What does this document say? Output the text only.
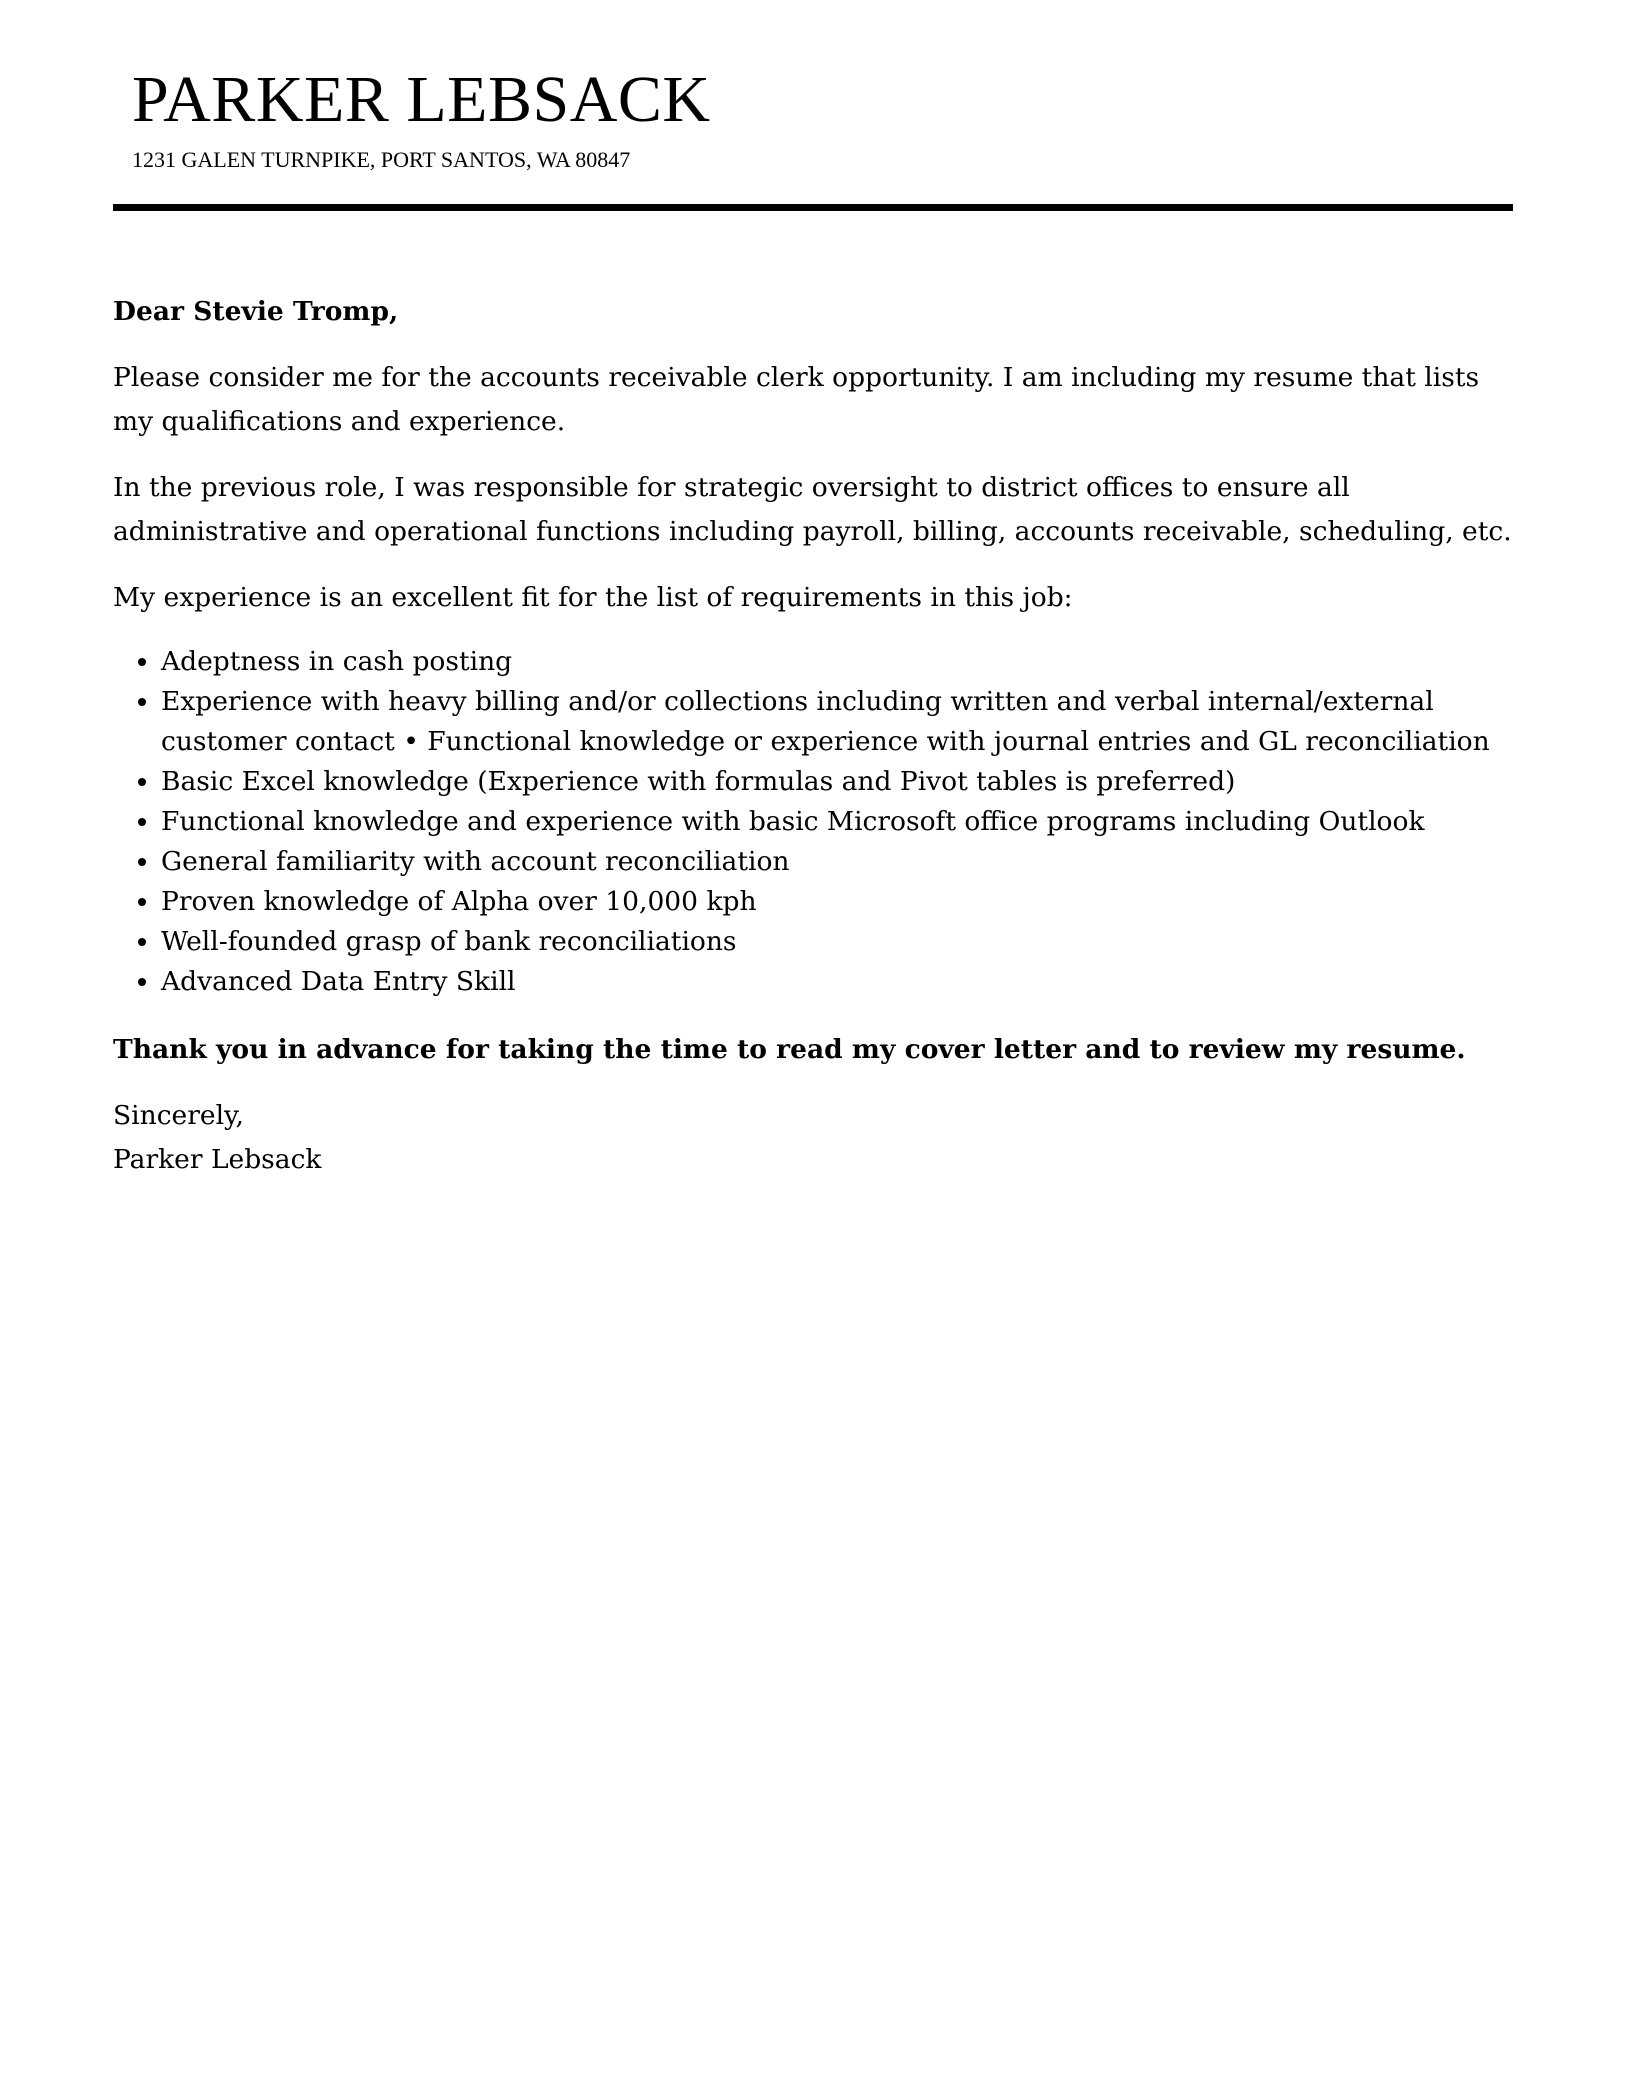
PARKER LEBSACK
1231 GALEN TURNPIKE, PORT SANTOS, WA 80847

Dear Stevie Tromp,

Please consider me for the accounts receivable clerk opportunity. I am including my resume that lists my qualifications and experience.

In the previous role, I was responsible for strategic oversight to district offices to ensure all administrative and operational functions including payroll, billing, accounts receivable, scheduling, etc.

My experience is an excellent fit for the list of requirements in this job:

• Adeptness in cash posting
• Experience with heavy billing and/or collections including written and verbal internal/external customer contact • Functional knowledge or experience with journal entries and GL reconciliation
• Basic Excel knowledge (Experience with formulas and Pivot tables is preferred)
• Functional knowledge and experience with basic Microsoft office programs including Outlook
• General familiarity with account reconciliation
• Proven knowledge of Alpha over 10,000 kph
• Well-founded grasp of bank reconciliations
• Advanced Data Entry Skill

Thank you in advance for taking the time to read my cover letter and to review my resume.

Sincerely,
Parker Lebsack
